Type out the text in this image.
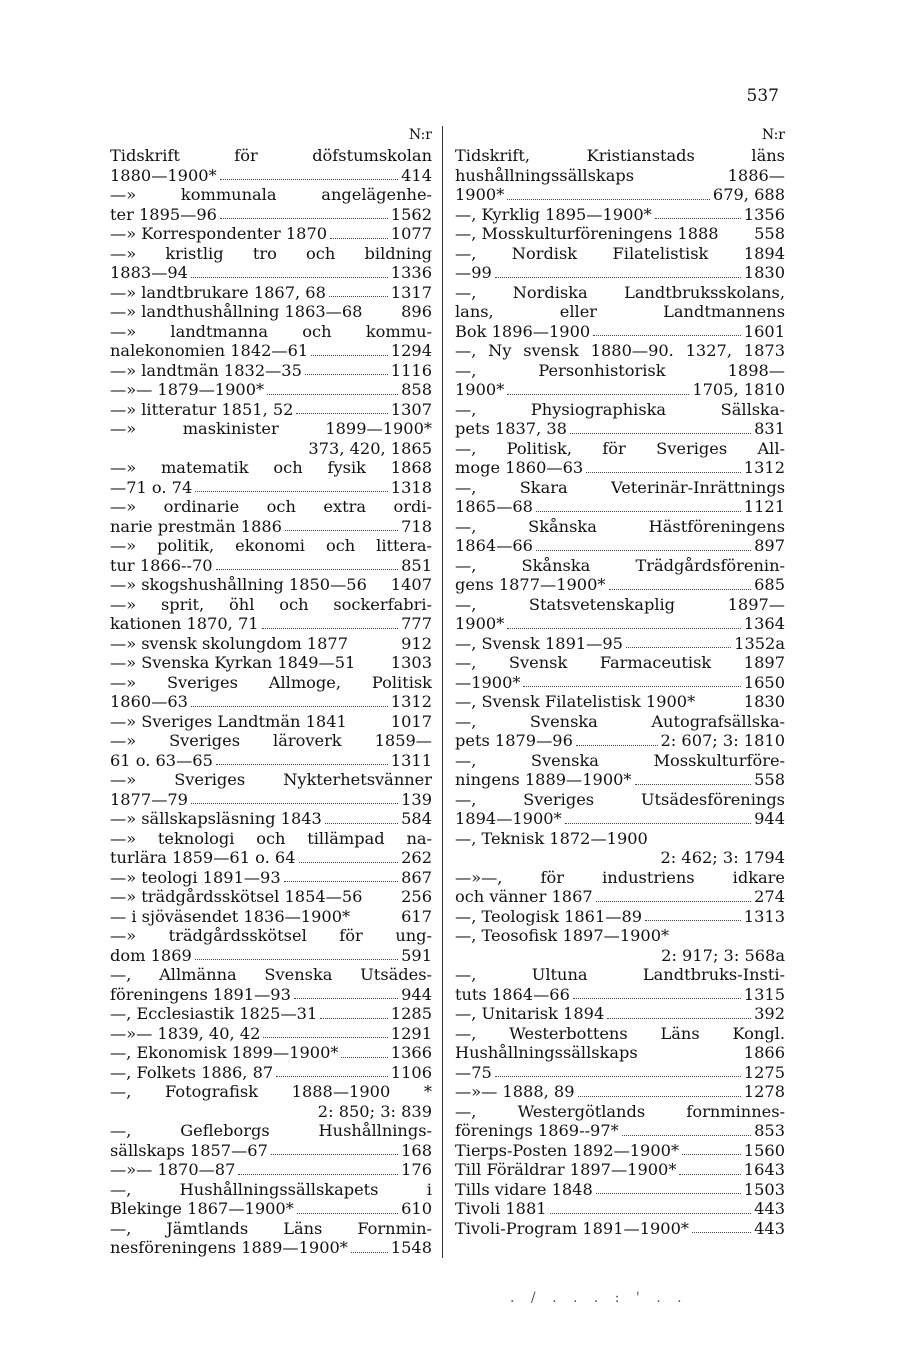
537
N:r
Tidskrift för döfstumskolan
1880—1900*	414
—» kommunala angelägenhe-
ter 1895—96	1562
—» Korrespondenter 1870	1077
—» kristlig tro och bildning
1883—94	1336
—» landtbrukare 1867, 68	1317
—» landthushållning 1863—68 896
—» landtmanna och kommu-
nalekonomien 1842—61	1294
—» landtmän 1832—35	1116
—»— 1879—1900*	858
—» litteratur 1851, 52	1307
—» maskinister 1899—1900*
373, 420, 1865
—» matematik och fysik 1868
—71 o. 74	1318
—» ordinarie och extra ordi-
narie prestmän 1886	718
—» politik, ekonomi och littera-
tur 1866--70	851
—» skogshushållning 1850—56 1407
—» sprit, öhl och sockerfabri-
kationen 1870, 71	777
—» svensk skolungdom 1877	912
—» Svenska Kyrkan 1849—51 1303
—» Sveriges Allmoge, Politisk
1860—63	1312
—» Sveriges Landtmän 1841	1017
—» Sveriges läroverk 1859—
61 o. 63—65	1311
—» Sveriges Nykterhetsvänner
1877—79	139
—» sällskapsläsning 1843	584
—» teknologi och tillämpad na-
turlära 1859—61 o. 64	262
—» teologi 1891—93	867
—» trädgårdsskötsel 1854—56 256
— i sjöväsendet 1836—1900*	617
—» trädgårdsskötsel för ung-
dom 1869	591
—, Allmänna Svenska Utsädes-
föreningens 1891—93	944
—, Ecclesiastik 1825—31	1285
—»— 1839, 40, 42	1291
—, Ekonomisk 1899—1900*	1366
—, Folkets 1886, 87	1106
—, Fotografisk 1888—1900 *
2: 850; 3: 839
—, Gefleborgs Hushållnings-
sällskaps 1857—67	168
—»— 1870—87	176
—, Hushållningssällskapets i
Blekinge 1867—1900*	610
—, Jämtlands Läns Fornmin-
nesföreningens 1889—1900*	1548
N:r
Tidskrift, Kristianstads läns
hushållningssällskaps 1886—
1900*	679, 688
—, Kyrklig 1895—1900*	1356
—, Mosskulturföreningens 1888 558
—, Nordisk Filatelistisk 1894
—99	1830
—, Nordiska Landtbruksskolans,
lans, eller Landtmannens
Bok 1896—1900	1601
—, Ny svensk 1880—90. 1327, 1873
—, Personhistorisk 1898—
1900*	1705, 1810
—, Physiographiska Sällska-
pets 1837, 38	831
—, Politisk, för Sveriges All-
moge 1860—63	1312
—, Skara Veterinär-Inrättnings
1865—68	1121
—, Skånska Hästföreningens
1864—66	897
—, Skånska Trädgårdsförenin-
gens 1877—1900*	685
—, Statsvetenskaplig 1897—
1900*	1364
—, Svensk 1891—95	1352a
—, Svensk Farmaceutisk 1897
—1900*	1650
—, Svensk Filatelistisk 1900*	1830
—, Svenska Autografsällska-
pets 1879—96	2: 607; 3: 1810
—, Svenska Mosskulturföre-
ningens 1889—1900*	558
—, Sveriges Utsädesförenings
1894—1900*	944
—, Teknisk 1872—1900
2: 462; 3: 1794
—»—, för industriens idkare
och vänner 1867	274
—, Teologisk 1861—89	1313
—, Teosofisk 1897—1900*
2: 917; 3: 568a
—, Ultuna Landtbruks-Insti-
tuts 1864—66	1315
—, Unitarisk 1894	392
—, Westerbottens Läns Kongl.
Hushållningssällskaps 1866
—75	1275
—»— 1888, 89	1278
—, Westergötlands fornminnes-
förenings 1869--97*	853
Tierps-Posten 1892—1900*	1560
Till Föräldrar 1897—1900*	1643
Tills vidare 1848	1503
Tivoli 1881	443
Tivoli-Program 1891—1900*	443
. / . . . : ' . .
